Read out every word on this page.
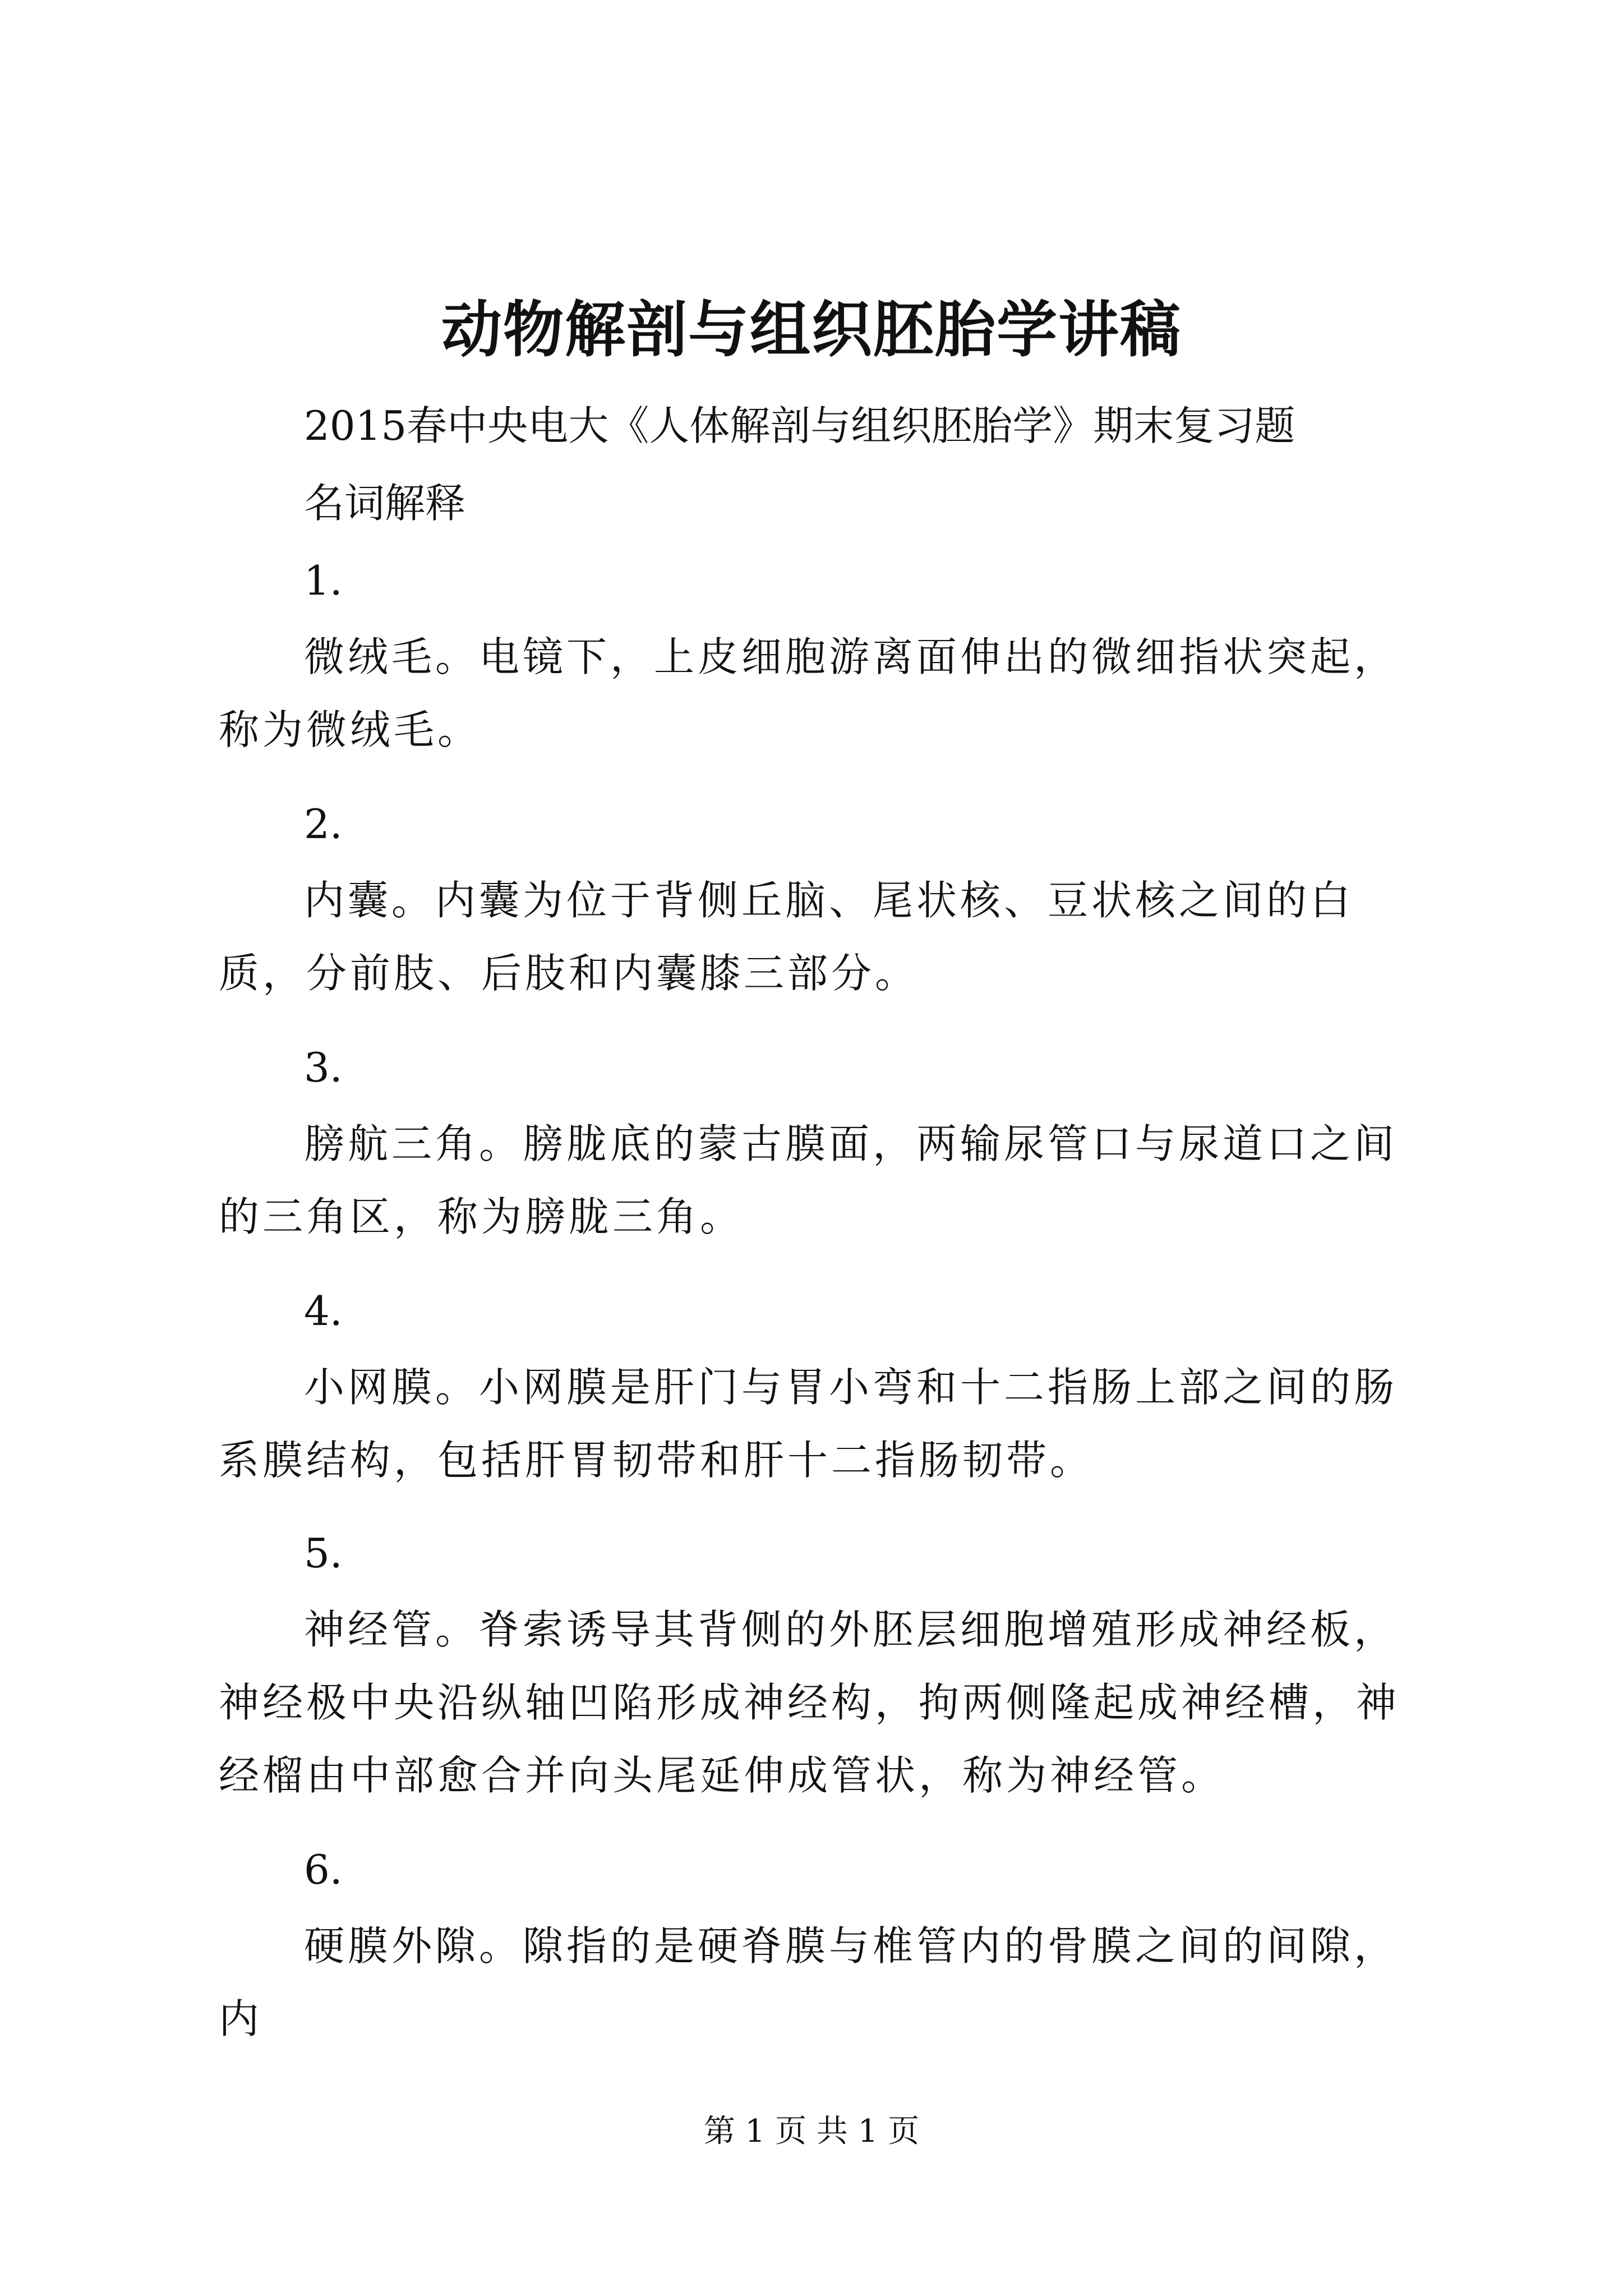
动物解剖与组织胚胎学讲稿
2015春中央电大《人体解剖与组织胚胎学》期末复习题
名词解释
1.
微绒毛。电镜下，上皮细胞游离面伸出的微细指状突起，称为微绒毛。
2.
内囊。内囊为位于背侧丘脑、尾状核、豆状核之间的白质，分前肢、后肢和内囊膝三部分。
3.
膀航三角。膀胧底的蒙古膜面，两输尿管口与尿道口之间的三角区，称为膀胧三角。
4.
小网膜。小网膜是肝门与胃小弯和十二指肠上部之间的肠系膜结构，包括肝胃韧带和肝十二指肠韧带。
5.
神经管。脊索诱导其背侧的外胚层细胞增殖形成神经板，神经极中央沿纵轴凹陷形成神经构，拘两侧隆起成神经槽，神经榴由中部愈合并向头尾延伸成管状，称为神经管。
6.
硬膜外隙。隙指的是硬脊膜与椎管内的骨膜之间的间隙，内
第 1 页 共 1 页
